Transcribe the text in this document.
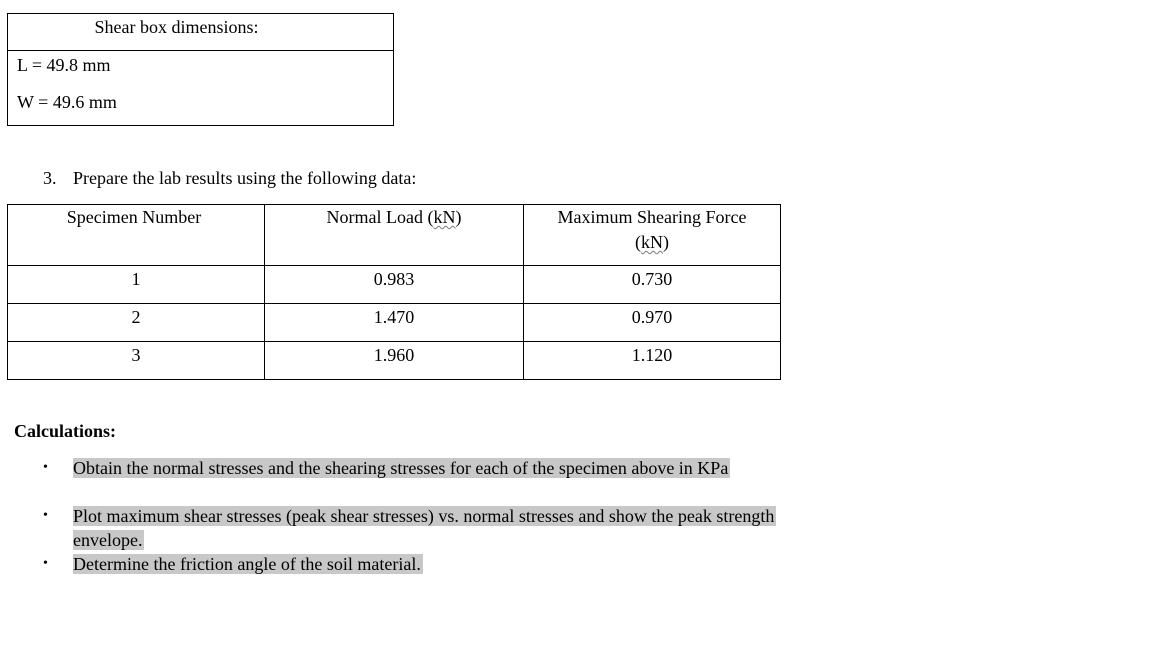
Shear box dimensions:

L = 49.8 mm
W = 49.6 mm
3. Prepare the lab results using the following data:
Specimen Number	Normal Load (kN)	Maximum Shearing Force
(kN)

1	0.983	0.730
2	1.470	0.970
3	1.960	1.120
Calculations:
• Obtain the normal stresses and the shearing stresses for each of the specimen above in KPa
• Plot maximum shear stresses (peak shear stresses) vs. normal stresses and show the peak strength envelope.
• Determine the friction angle of the soil material.
